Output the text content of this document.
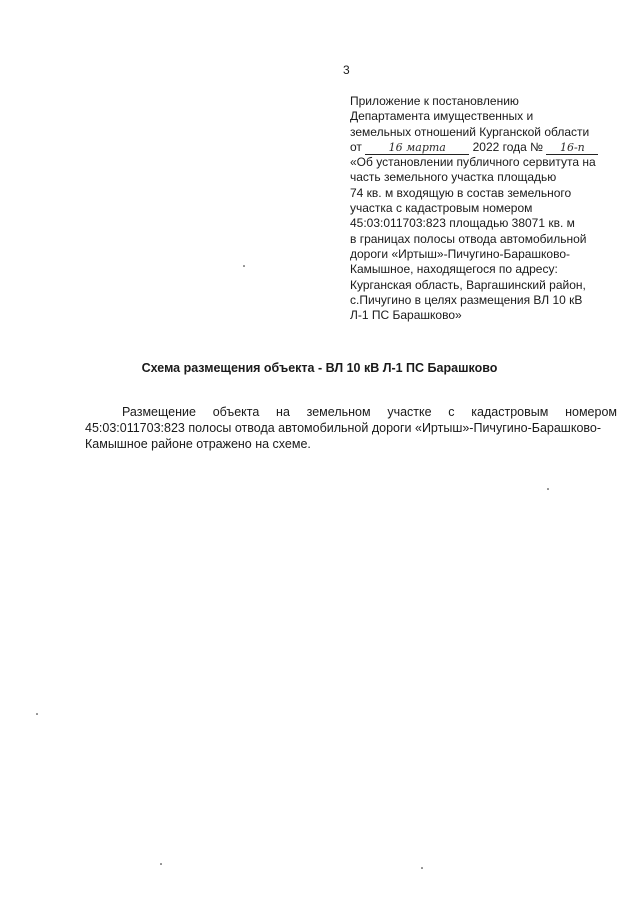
3
Приложение к постановлению
Департамента имущественных и
земельных отношений Курганской области
от 16 марта 2022 года № 16-п
«Об установлении публичного сервитута на
часть земельного участка площадью
74 кв. м входящую в состав земельного
участка с кадастровым номером
45:03:011703:823 площадью 38071 кв. м
в границах полосы отвода автомобильной
дороги «Иртыш»-Пичугино-Барашково-
Камышное, находящегося по адресу:
Курганская область, Варгашинский район,
с.Пичугино в целях размещения ВЛ 10 кВ
Л-1 ПС Барашково»
Схема размещения объекта - ВЛ 10 кВ Л-1 ПС Барашково
Размещение объекта на земельном участке с кадастровым номером
45:03:011703:823 полосы отвода автомобильной дороги «Иртыш»-Пичугино-Барашково-
Камышное районе отражено на схеме.
